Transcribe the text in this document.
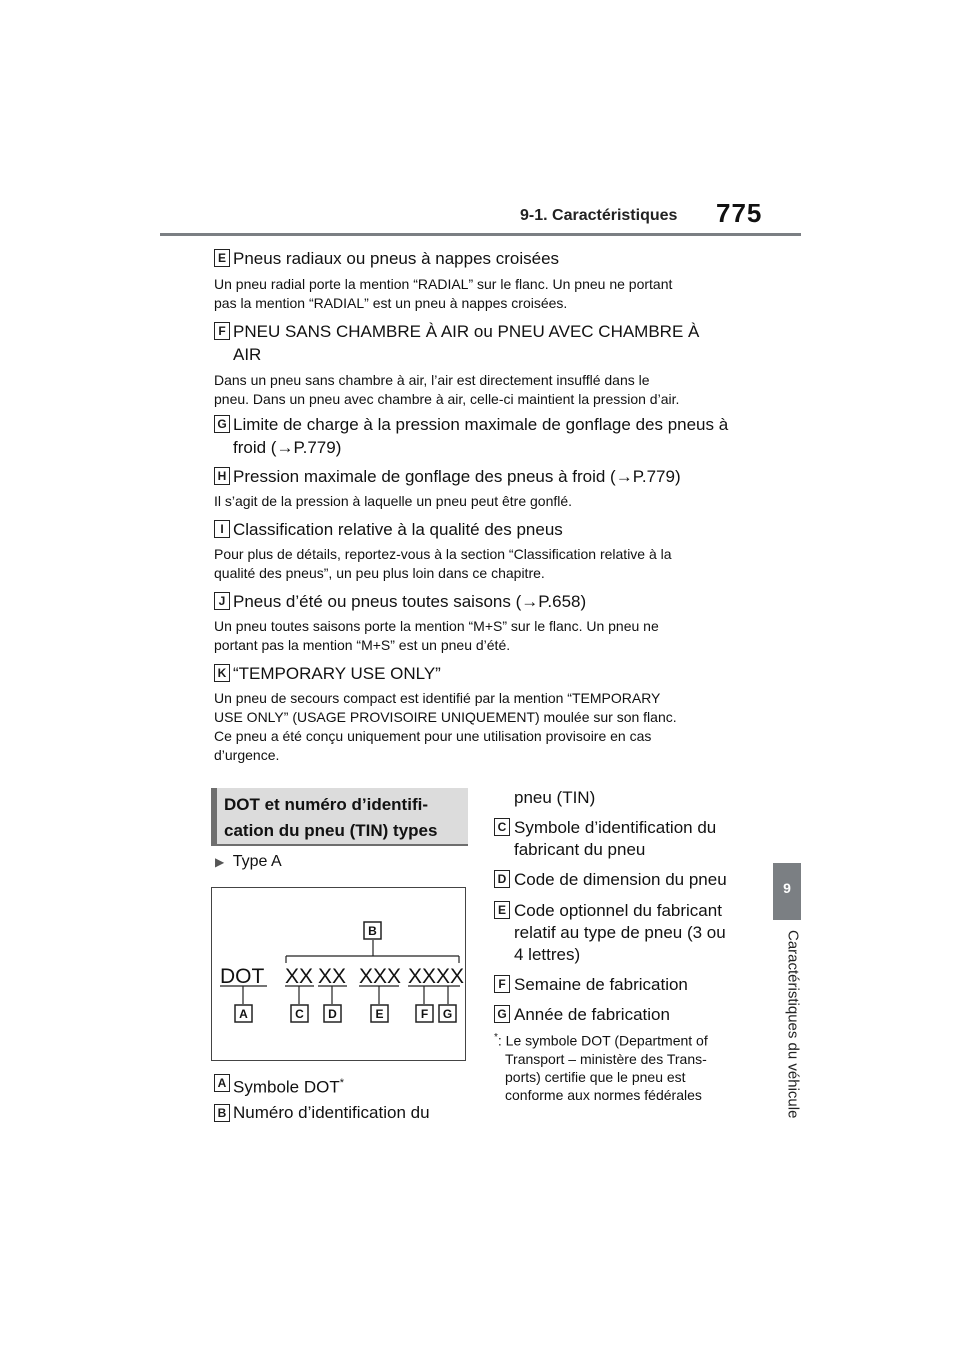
9-1. Caractéristiques 775
9
Caractéristiques du véhicule
E Pneus radiaux ou pneus à nappes croisées
Un pneu radial porte la mention “RADIAL” sur le flanc. Un pneu ne portant
pas la mention “RADIAL” est un pneu à nappes croisées.
F PNEU SANS CHAMBRE À AIR ou PNEU AVEC CHAMBRE À
AIR
Dans un pneu sans chambre à air, l’air est directement insufflé dans le
pneu. Dans un pneu avec chambre à air, celle-ci maintient la pression d’air.
G Limite de charge à la pression maximale de gonflage des pneus à
froid (→P.779)
H Pression maximale de gonflage des pneus à froid (→P.779)
Il s’agit de la pression à laquelle un pneu peut être gonflé.
I Classification relative à la qualité des pneus
Pour plus de détails, reportez-vous à la section “Classification relative à la
qualité des pneus”, un peu plus loin dans ce chapitre.
J Pneus d’été ou pneus toutes saisons (→P.658)
Un pneu toutes saisons porte la mention “M+S” sur le flanc. Un pneu ne
portant pas la mention “M+S” est un pneu d’été.
K “TEMPORARY USE ONLY”
Un pneu de secours compact est identifié par la mention “TEMPORARY
USE ONLY” (USAGE PROVISOIRE UNIQUEMENT) moulée sur son flanc.
Ce pneu a été conçu uniquement pour une utilisation provisoire en cas
d’urgence.
DOT et numéro d’identifi-
cation du pneu (TIN) types
▶ Type A
DOT XX XX XXX XXXX
B
A	C D	E	F G
A Symbole DOT*
B Numéro d’identification du
pneu (TIN)
C Symbole d’identification du
fabricant du pneu
D Code de dimension du pneu
E Code optionnel du fabricant
relatif au type de pneu (3 ou
4 lettres)
F Semaine de fabrication
G Année de fabrication
*: Le symbole DOT (Department of
Transport – ministère des Trans-
ports) certifie que le pneu est
conforme aux normes fédérales
